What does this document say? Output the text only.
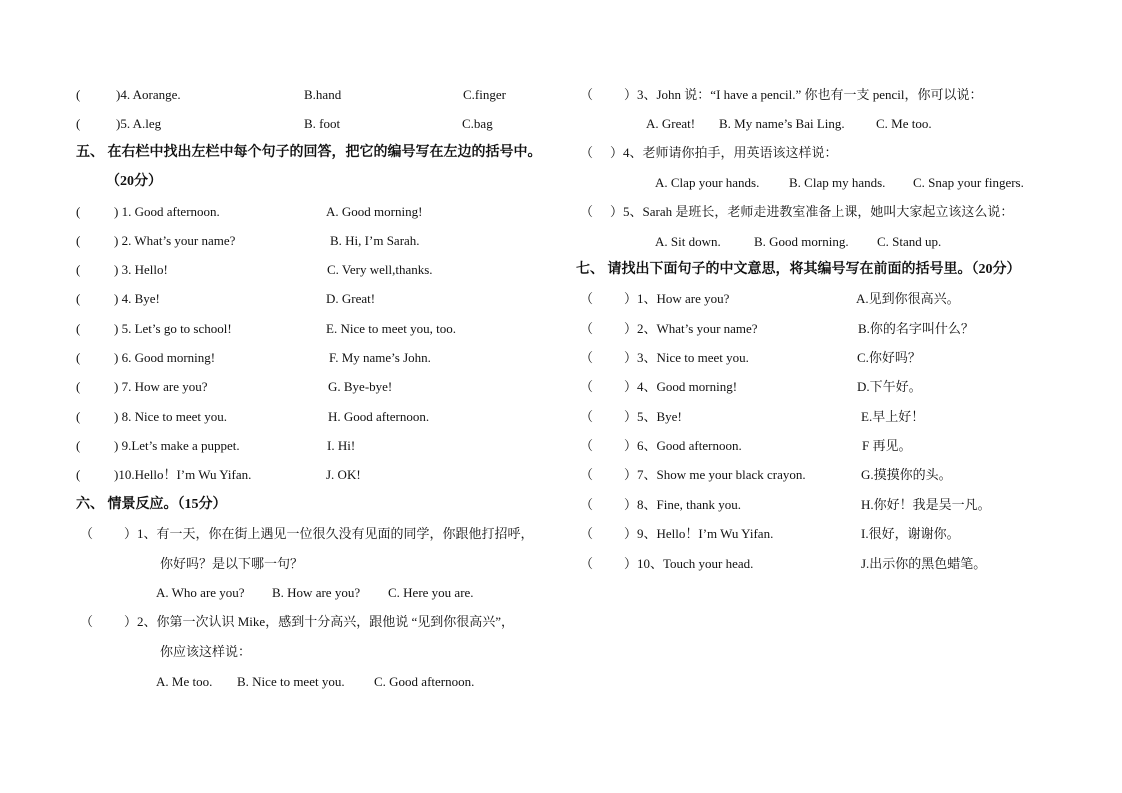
(	)4. Aorange.	B.hand	C.finger
(	)5. A.leg	B. foot	C.bag
五、 在右栏中找出左栏中每个句子的回答，把它的编号写在左边的括号中。
（20分）
(	) 1. Good afternoon.	A. Good morning!
(	) 2. What’s your name?	B. Hi, I’m Sarah.
(	) 3. Hello!	C. Very well,thanks.
(	) 4. Bye!	D. Great!
(	) 5. Let’s go to school!	E. Nice to meet you, too.
(	) 6. Good morning!	F. My name’s John.
(	) 7. How are you?	G. Bye-bye!
(	) 8. Nice to meet you.	H. Good afternoon.
(	) 9.Let’s make a puppet.	I. Hi!
(	)10.Hello！I’m Wu Yifan.	J. OK!
六、 情景反应。（15分）
（ ）1、有一天，你在街上遇见一位很久没有见面的同学，你跟他打招呼，
你好吗？是以下哪一句？
A. Who are you? B. How are you? C. Here you are.
（ ）2、你第一次认识 Mike，感到十分高兴，跟他说 “见到你很高兴”，
你应该这样说：
A. Me too. B. Nice to meet you. C. Good afternoon.
（ ）3、John 说：“I have a pencil.” 你也有一支 pencil，你可以说：
A. Great! B. My name’s Bai Ling. C. Me too.
（ ）4、老师请你拍手，用英语该这样说：
A. Clap your hands. B. Clap my hands. C. Snap your fingers.
（ ）5、Sarah 是班长，老师走进教室准备上课，她叫大家起立该这么说：
A. Sit down.	B. Good morning. C. Stand up.
七、 请找出下面句子的中文意思，将其编号写在前面的括号里。（20分）
（ ）1、How are you?	A.见到你很高兴。
（ ）2、What’s your name?	B.你的名字叫什么？
（ ）3、Nice to meet you.	C.你好吗？
（ ）4、Good morning!	D.下午好。
（ ）5、Bye!	E.早上好！
（ ）6、Good afternoon.	F 再见。
（ ）7、Show me your black crayon.	G.摸摸你的头。
（ ）8、Fine, thank you.	H.你好！我是吴一凡。
（ ）9、Hello！I’m Wu Yifan.	I.很好，谢谢你。
（ ）10、Touch your head.	J.出示你的黑色蜡笔。
